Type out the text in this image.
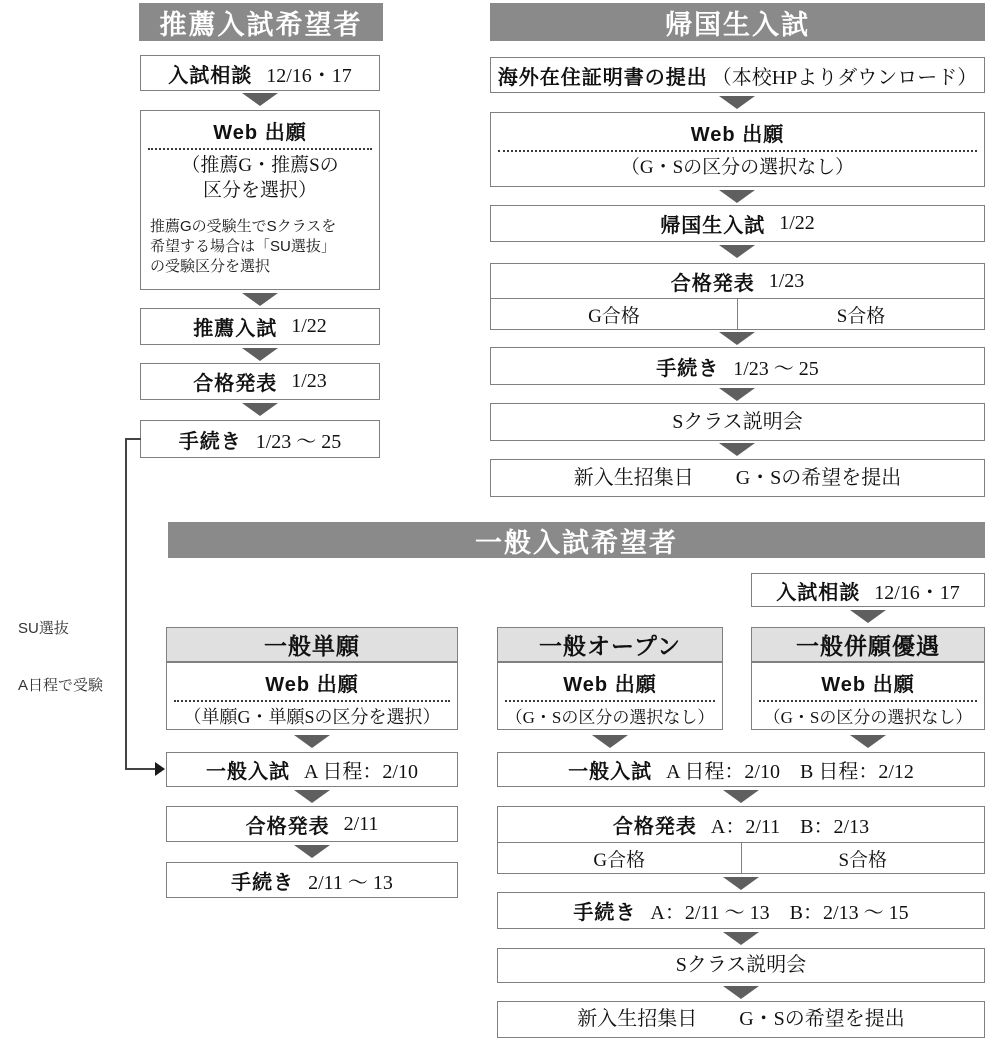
推薦入試希望者
入試相談 12/16・17
Web 出願
（推薦G・推薦Sの
区分を選択）
推薦Gの受験生でSクラスを
希望する場合は「SU選抜」
の受験区分を選択
推薦入試 1/22
合格発表 1/23
手続き 1/23 ～ 25
帰国生入試
海外在住証明書の提出 （本校HPよりダウンロード）
Web 出願
（G・Sの区分の選択なし）
帰国生入試 1/22
合格発表 1/23
G合格	S合格
手続き 1/23 ～ 25
Sクラス説明会
新入生招集日 G・Sの希望を提出
一般入試希望者
入試相談 12/16・17
一般単願	一般オープン	一般併願優遇
Web 出願
（単願G・単願Sの区分を選択）
Web 出願
（G・Sの区分の選択なし）
Web 出願
（G・Sの区分の選択なし）
一般入試 A 日程：2/10	一般入試 A 日程：2/10　B 日程：2/12
合格発表 2/11	合格発表 A：2/11　B：2/13
G合格	S合格
手続き 2/11 ～ 13
手続き A：2/11 ～ 13　B：2/13 ～ 15
Sクラス説明会
新入生招集日 G・Sの希望を提出

SU選抜

A日程で受験
